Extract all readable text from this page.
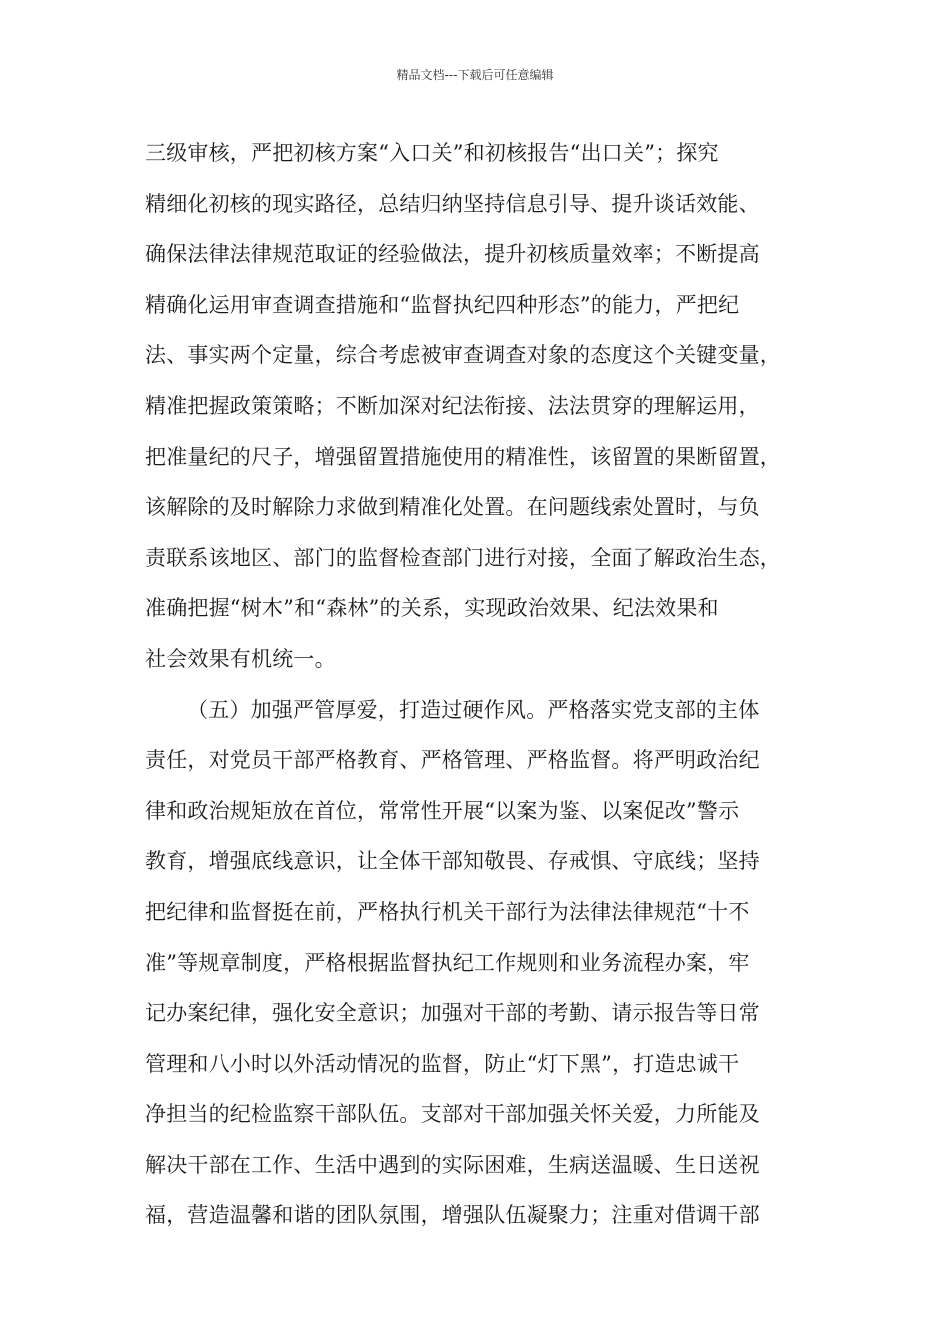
精品文档---下载后可任意编辑
三级审核，严把初核方案“入口关”和初核报告“出口关”；探究
精细化初核的现实路径，总结归纳坚持信息引导、提升谈话效能、
确保法律法律规范取证的经验做法，提升初核质量效率；不断提高
精确化运用审查调查措施和“监督执纪四种形态”的能力，严把纪
法、事实两个定量，综合考虑被审查调查对象的态度这个关键变量，
精准把握政策策略；不断加深对纪法衔接、法法贯穿的理解运用，
把准量纪的尺子，增强留置措施使用的精准性，该留置的果断留置，
该解除的及时解除力求做到精准化处置。在问题线索处置时，与负
责联系该地区、部门的监督检查部门进行对接，全面了解政治生态，
准确把握“树木”和“森林”的关系，实现政治效果、纪法效果和
社会效果有机统一。
（五）加强严管厚爱，打造过硬作风。严格落实党支部的主体
责任，对党员干部严格教育、严格管理、严格监督。将严明政治纪
律和政治规矩放在首位，常常性开展“以案为鉴、以案促改”警示
教育，增强底线意识，让全体干部知敬畏、存戒惧、守底线；坚持
把纪律和监督挺在前，严格执行机关干部行为法律法律规范“十不
准”等规章制度，严格根据监督执纪工作规则和业务流程办案，牢
记办案纪律，强化安全意识；加强对干部的考勤、请示报告等日常
管理和八小时以外活动情况的监督，防止“灯下黑”，打造忠诚干
净担当的纪检监察干部队伍。支部对干部加强关怀关爱，力所能及
解决干部在工作、生活中遇到的实际困难，生病送温暖、生日送祝
福，营造温馨和谐的团队氛围，增强队伍凝聚力；注重对借调干部
